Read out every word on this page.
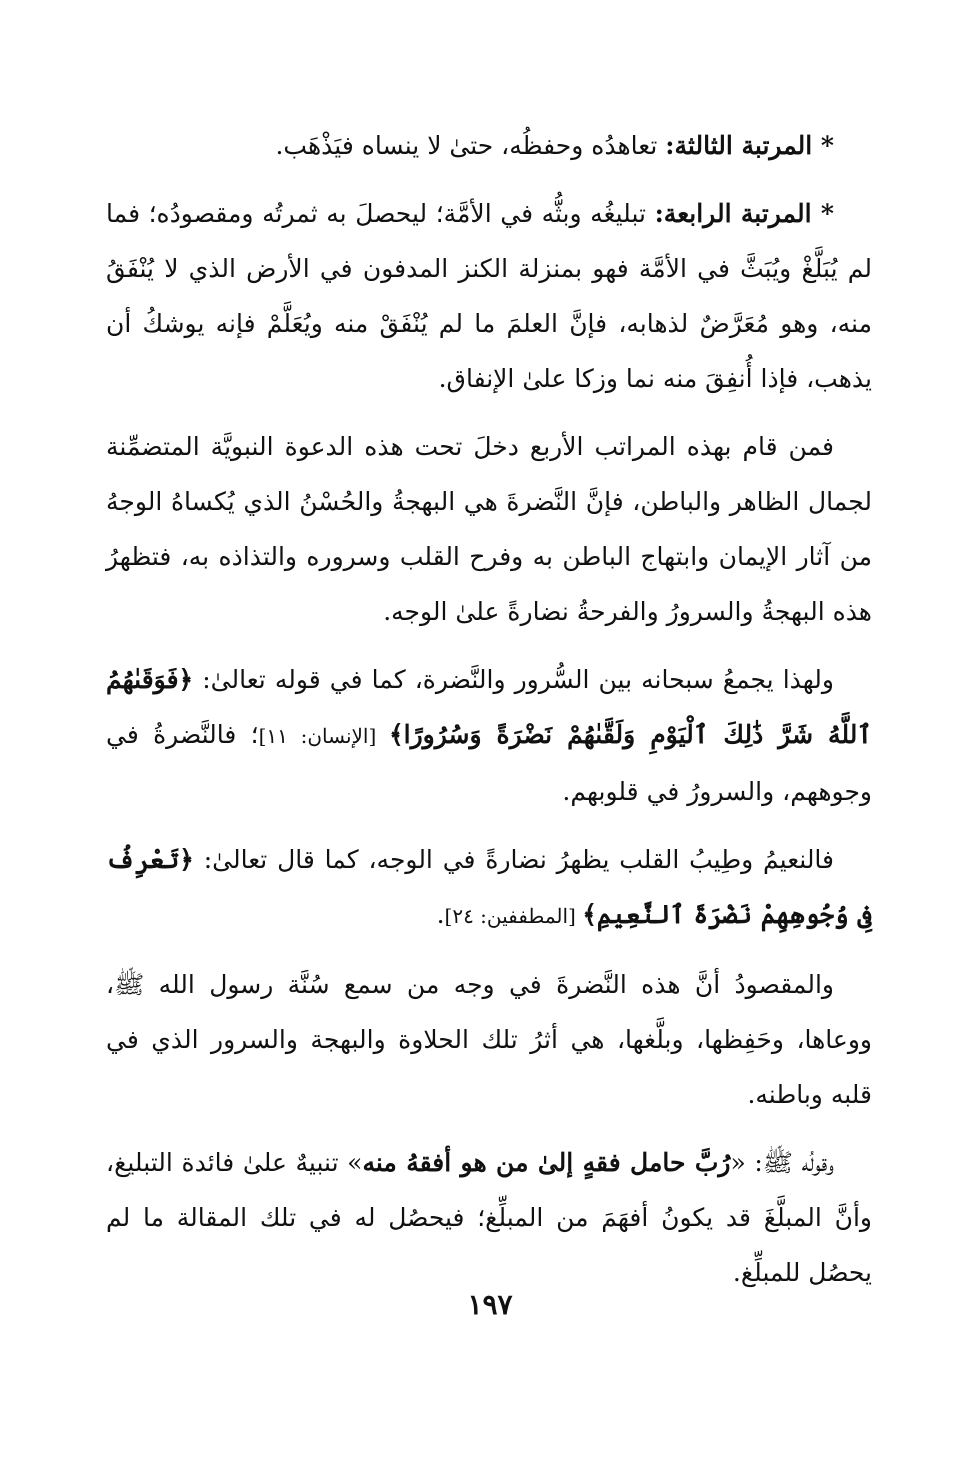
* المرتبة الثالثة: تعاهدُه وحفظُه، حتىٰ لا ينساه فيَذْهَب.

* المرتبة الرابعة: تبليغُه وبثُّه في الأمَّة؛ ليحصلَ به ثمرتُه ومقصودُه؛ فما لم يُبَلَّغْ ويُبَثَّ في الأمَّة فهو بمنزلة الكنز المدفون في الأرض الذي لا يُنْفَقُ منه، وهو مُعَرَّضٌ لذهابه، فإنَّ العلمَ ما لم يُنْفَقْ منه ويُعَلَّمْ فإنه يوشكُ أن يذهب، فإذا أُنفِقَ منه نما وزكا علىٰ الإنفاق.

فمن قام بهذه المراتب الأربع دخلَ تحت هذه الدعوة النبويَّة المتضمِّنة لجمال الظاهر والباطن، فإنَّ النَّضرةَ هي البهجةُ والحُسْنُ الذي يُكساهُ الوجهُ من آثار الإيمان وابتهاج الباطن به وفرح القلب وسروره والتذاذه به، فتظهرُ هذه البهجةُ والسرورُ والفرحةُ نضارةً علىٰ الوجه.

ولهذا يجمعُ سبحانه بين السُّرور والنَّضرة، كما في قوله تعالىٰ: ﴿فَوَقَىٰهُمُ ٱللَّهُ شَرَّ ذَٰلِكَ ٱلْيَوْمِ وَلَقَّىٰهُمْ نَضْرَةً وَسُرُورًا﴾ [الإنسان: ١١]؛ فالنَّضرةُ في وجوههم، والسرورُ في قلوبهم.

فالنعيمُ وطِيبُ القلب يظهرُ نضارةً في الوجه، كما قال تعالىٰ: ﴿تَعْرِفُ فِى وُجُوهِهِمْ نَضْرَةَ ٱلنَّعِيمِ﴾ [المطففين: ٢٤].

والمقصودُ أنَّ هذه النَّضرةَ في وجه من سمع سُنَّة رسول الله ﷺ، ووعاها، وحَفِظها، وبلَّغها، هي أثرُ تلك الحلاوة والبهجة والسرور الذي في قلبه وباطنه.

وقولُه ﷺ: «رُبَّ حامل فقهٍ إلىٰ من هو أفقهُ منه» تنبيهٌ علىٰ فائدة التبليغ، وأنَّ المبلَّغَ قد يكونُ أفهَمَ من المبلِّغ؛ فيحصُل له في تلك المقالة ما لم يحصُل للمبلِّغ.

١٩٧
